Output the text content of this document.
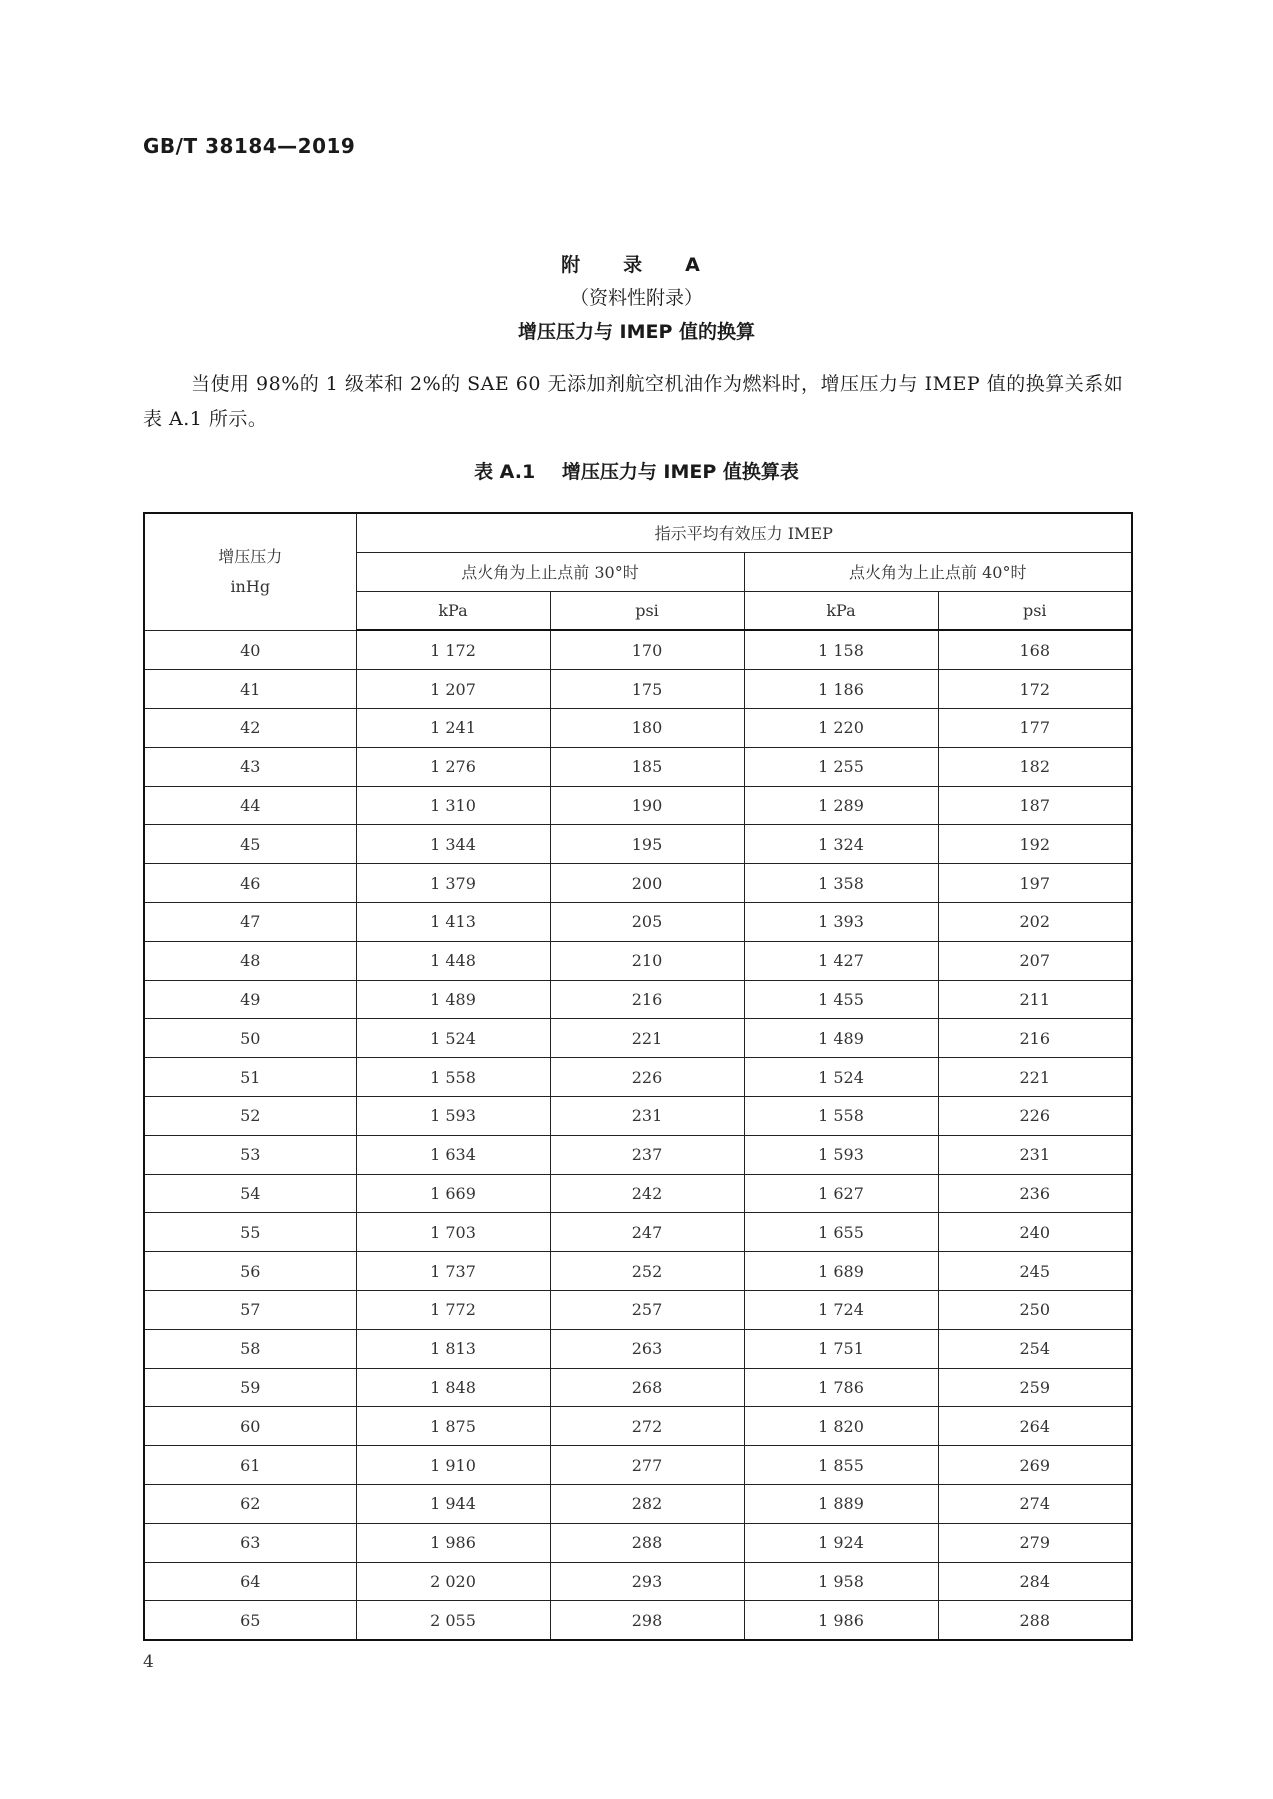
GB/T 38184—2019
附　录　A
（资料性附录）
增压压力与 IMEP 值的换算

当使用 98%的 1 级苯和 2%的 SAE 60 无添加剂航空机油作为燃料时，增压压力与 IMEP 值的换算关系如表 A.1 所示。

表 A.1 增压压力与 IMEP 值换算表
增压压力
inHg	指示平均有效压力 IMEP			
	点火角为上止点前 30°时		点火角为上止点前 40°时	
	kPa	psi	kPa	psi
40	1 172	170	1 158	168
41	1 207	175	1 186	172
42	1 241	180	1 220	177
43	1 276	185	1 255	182
44	1 310	190	1 289	187
45	1 344	195	1 324	192
46	1 379	200	1 358	197
47	1 413	205	1 393	202
48	1 448	210	1 427	207
49	1 489	216	1 455	211
50	1 524	221	1 489	216
51	1 558	226	1 524	221
52	1 593	231	1 558	226
53	1 634	237	1 593	231
54	1 669	242	1 627	236
55	1 703	247	1 655	240
56	1 737	252	1 689	245
57	1 772	257	1 724	250
58	1 813	263	1 751	254
59	1 848	268	1 786	259
60	1 875	272	1 820	264
61	1 910	277	1 855	269
62	1 944	282	1 889	274
63	1 986	288	1 924	279
64	2 020	293	1 958	284
65	2 055	298	1 986	288
4
